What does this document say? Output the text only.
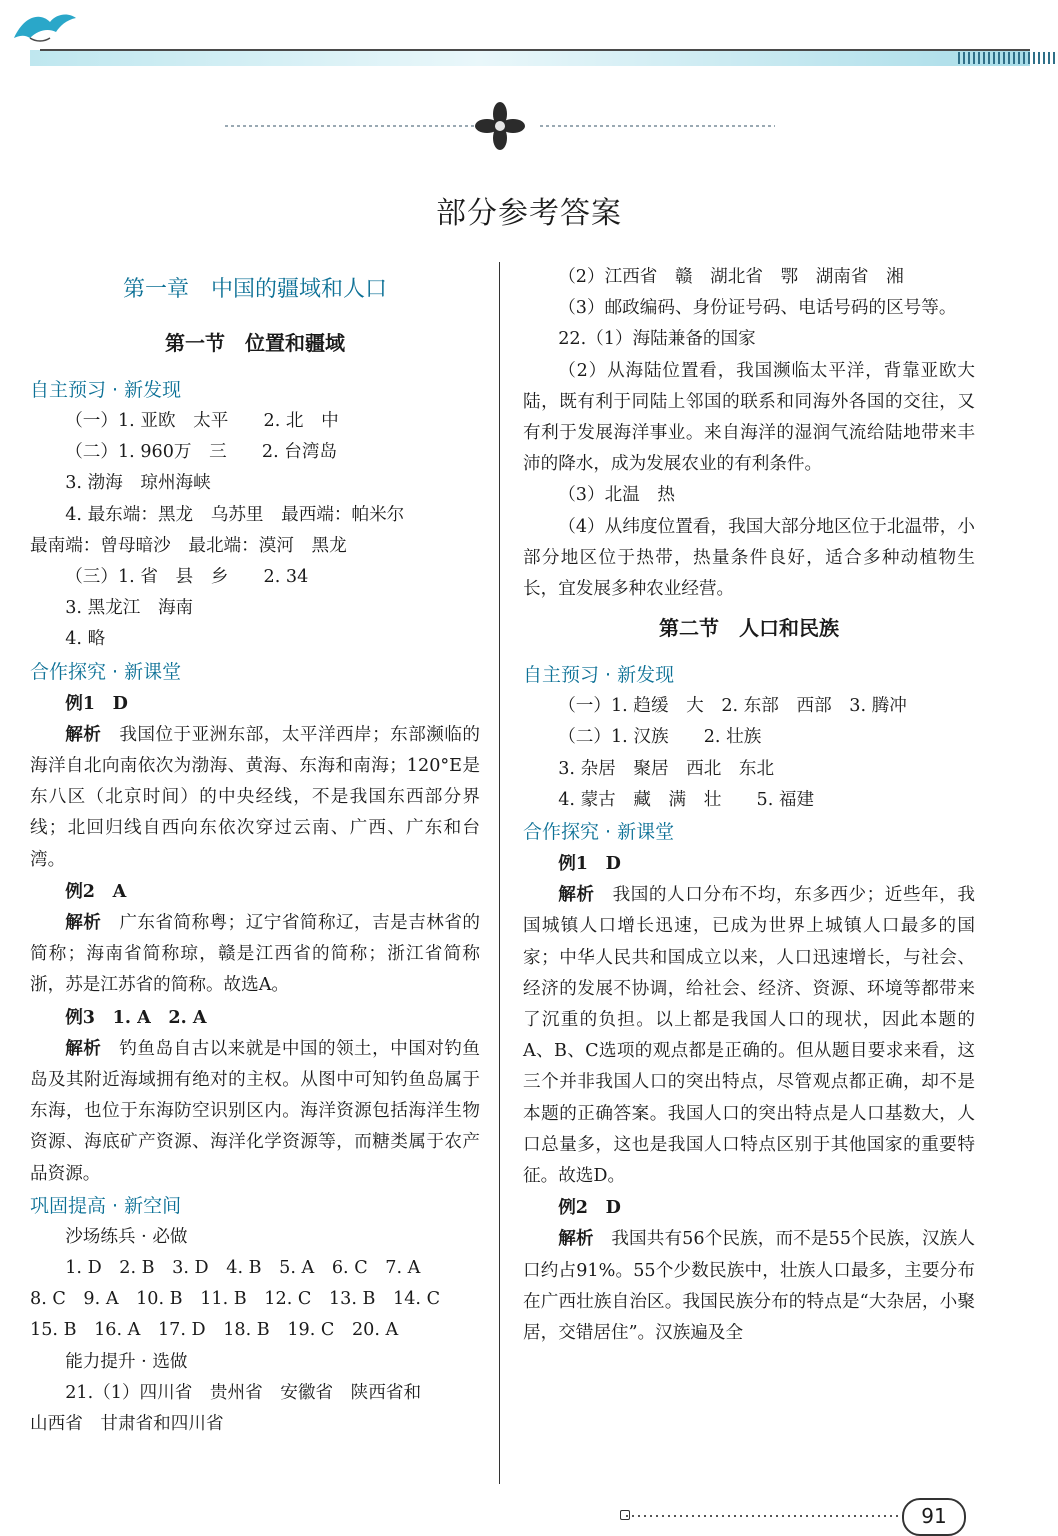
部分参考答案
第一章　中国的疆域和人口
第一节　位置和疆域
自主预习 · 新发现

（一）1. 亚欧　太平　　2. 北　中

（二）1. 960万　三　　2. 台湾岛

3. 渤海　琼州海峡

4. 最东端：黑龙　乌苏里　最西端：帕米尔

最南端：曾母暗沙　最北端：漠河　黑龙

（三）1. 省　县　乡　　2. 34

3. 黑龙江　海南

4. 略

合作探究 · 新课堂

例1　D

解析　 我国位于亚洲东部，太平洋西岸；东部濒临的海洋自北向南依次为渤海、黄海、东海和南海；120°E是东八区（北京时间）的中央经线，不是我国东西部分界线；北回归线自西向东依次穿过云南、广西、广东和台湾。

例2　A

解析　 广东省简称粤；辽宁省简称辽，吉是吉林省的简称；海南省简称琼，赣是江西省的简称；浙江省简称浙，苏是江苏省的简称。故选A。

例3　1. A　2. A

解析　 钓鱼岛自古以来就是中国的领土，中国对钓鱼岛及其附近海域拥有绝对的主权。从图中可知钓鱼岛属于东海，也位于东海防空识别区内。海洋资源包括海洋生物资源、海底矿产资源、海洋化学资源等，而糖类属于农产品资源。

巩固提高 · 新空间

沙场练兵 · 必做

1. D　2. B　3. D　4. B　5. A　6. C　7. A

8. C　9. A　10. B　11. B　12. C　13. B　14. C

15. B　16. A　17. D　18. B　19. C　20. A

能力提升 · 选做

21.（1）四川省　贵州省　安徽省　陕西省和

山西省　甘肃省和四川省

（2）江西省　赣　湖北省　鄂　湖南省　湘

（3）邮政编码、身份证号码、电话号码的区号等。

22.（1）海陆兼备的国家

（2）从海陆位置看，我国濒临太平洋，背靠亚欧大陆，既有利于同陆上邻国的联系和同海外各国的交往，又有利于发展海洋事业。来自海洋的湿润气流给陆地带来丰沛的降水，成为发展农业的有利条件。

（3）北温　热

（4）从纬度位置看，我国大部分地区位于北温带，小部分地区位于热带，热量条件良好，适合多种动植物生长，宜发展多种农业经营。

第二节　人口和民族
自主预习 · 新发现

（一）1. 趋缓　大　2. 东部　西部　3. 腾冲

（二）1. 汉族　　2. 壮族

3. 杂居　聚居　西北　东北

4. 蒙古　藏　满　壮　　5. 福建

合作探究 · 新课堂

例1　D

解析　 我国的人口分布不均，东多西少；近些年，我国城镇人口增长迅速，已成为世界上城镇人口最多的国家；中华人民共和国成立以来，人口迅速增长，与社会、经济的发展不协调，给社会、经济、资源、环境等都带来了沉重的负担。以上都是我国人口的现状，因此本题的A、B、C选项的观点都是正确的。但从题目要求来看，这三个并非我国人口的突出特点，尽管观点都正确，却不是本题的正确答案。我国人口的突出特点是人口基数大，人口总量多，这也是我国人口特点区别于其他国家的重要特征。故选D。

例2　D

解析　 我国共有56个民族，而不是55个民族，汉族人口约占91%。55个少数民族中，壮族人口最多，主要分布在广西壮族自治区。我国民族分布的特点是“大杂居，小聚居，交错居住”。汉族遍及全

91
